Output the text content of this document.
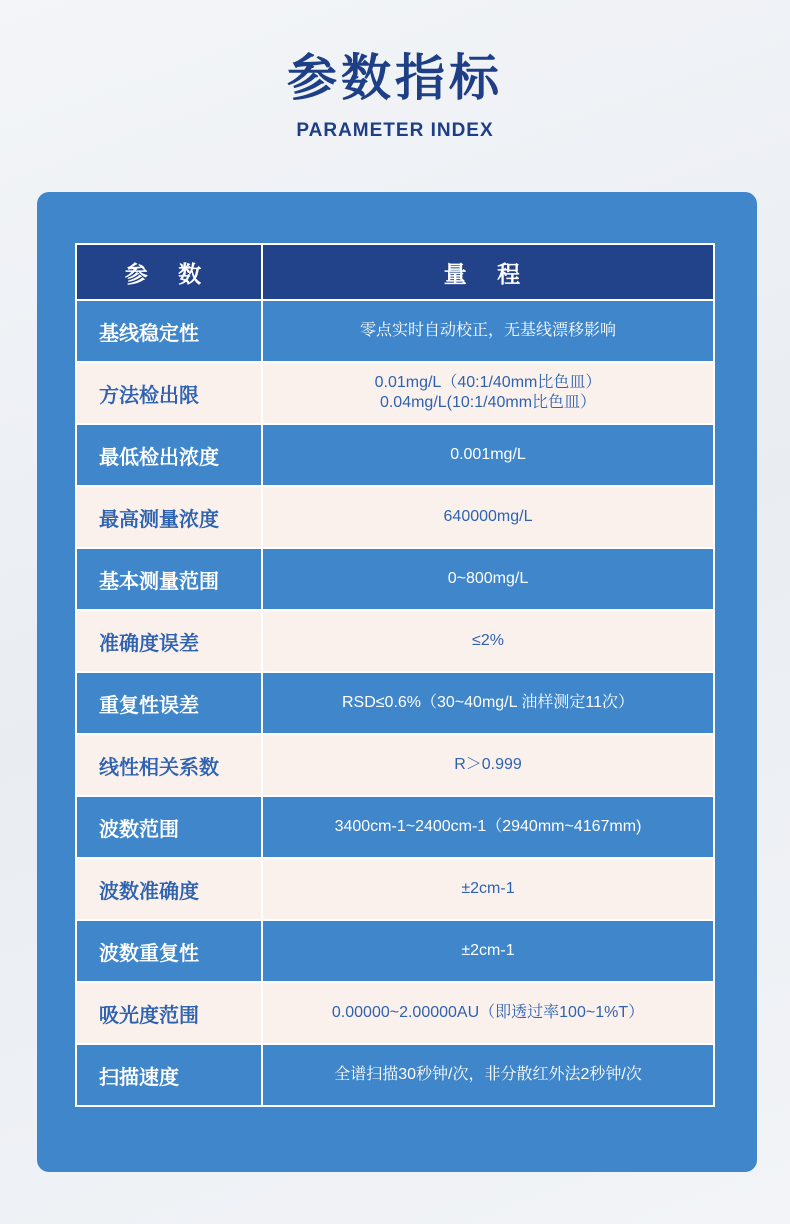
参数指标
PARAMETER INDEX
参 数	量 程
基线稳定性	零点实时自动校正，无基线漂移影响

方法检出限	0.01mg/L（40:1/40mm比色皿）
0.04mg/L(10:1/40mm比色皿）

最低检出浓度	0.001mg/L

最高测量浓度	640000mg/L

基本测量范围	0~800mg/L

准确度误差	≤2%

重复性误差	RSD≤0.6%（30~40mg/L 油样测定11次）

线性相关系数	R＞0.999

波数范围	3400cm-1~2400cm-1（2940mm~4167mm)

波数准确度	±2cm-1

波数重复性	±2cm-1

吸光度范围	0.00000~2.00000AU（即透过率100~1%T）

扫描速度	全谱扫描30秒钟/次，非分散红外法2秒钟/次
